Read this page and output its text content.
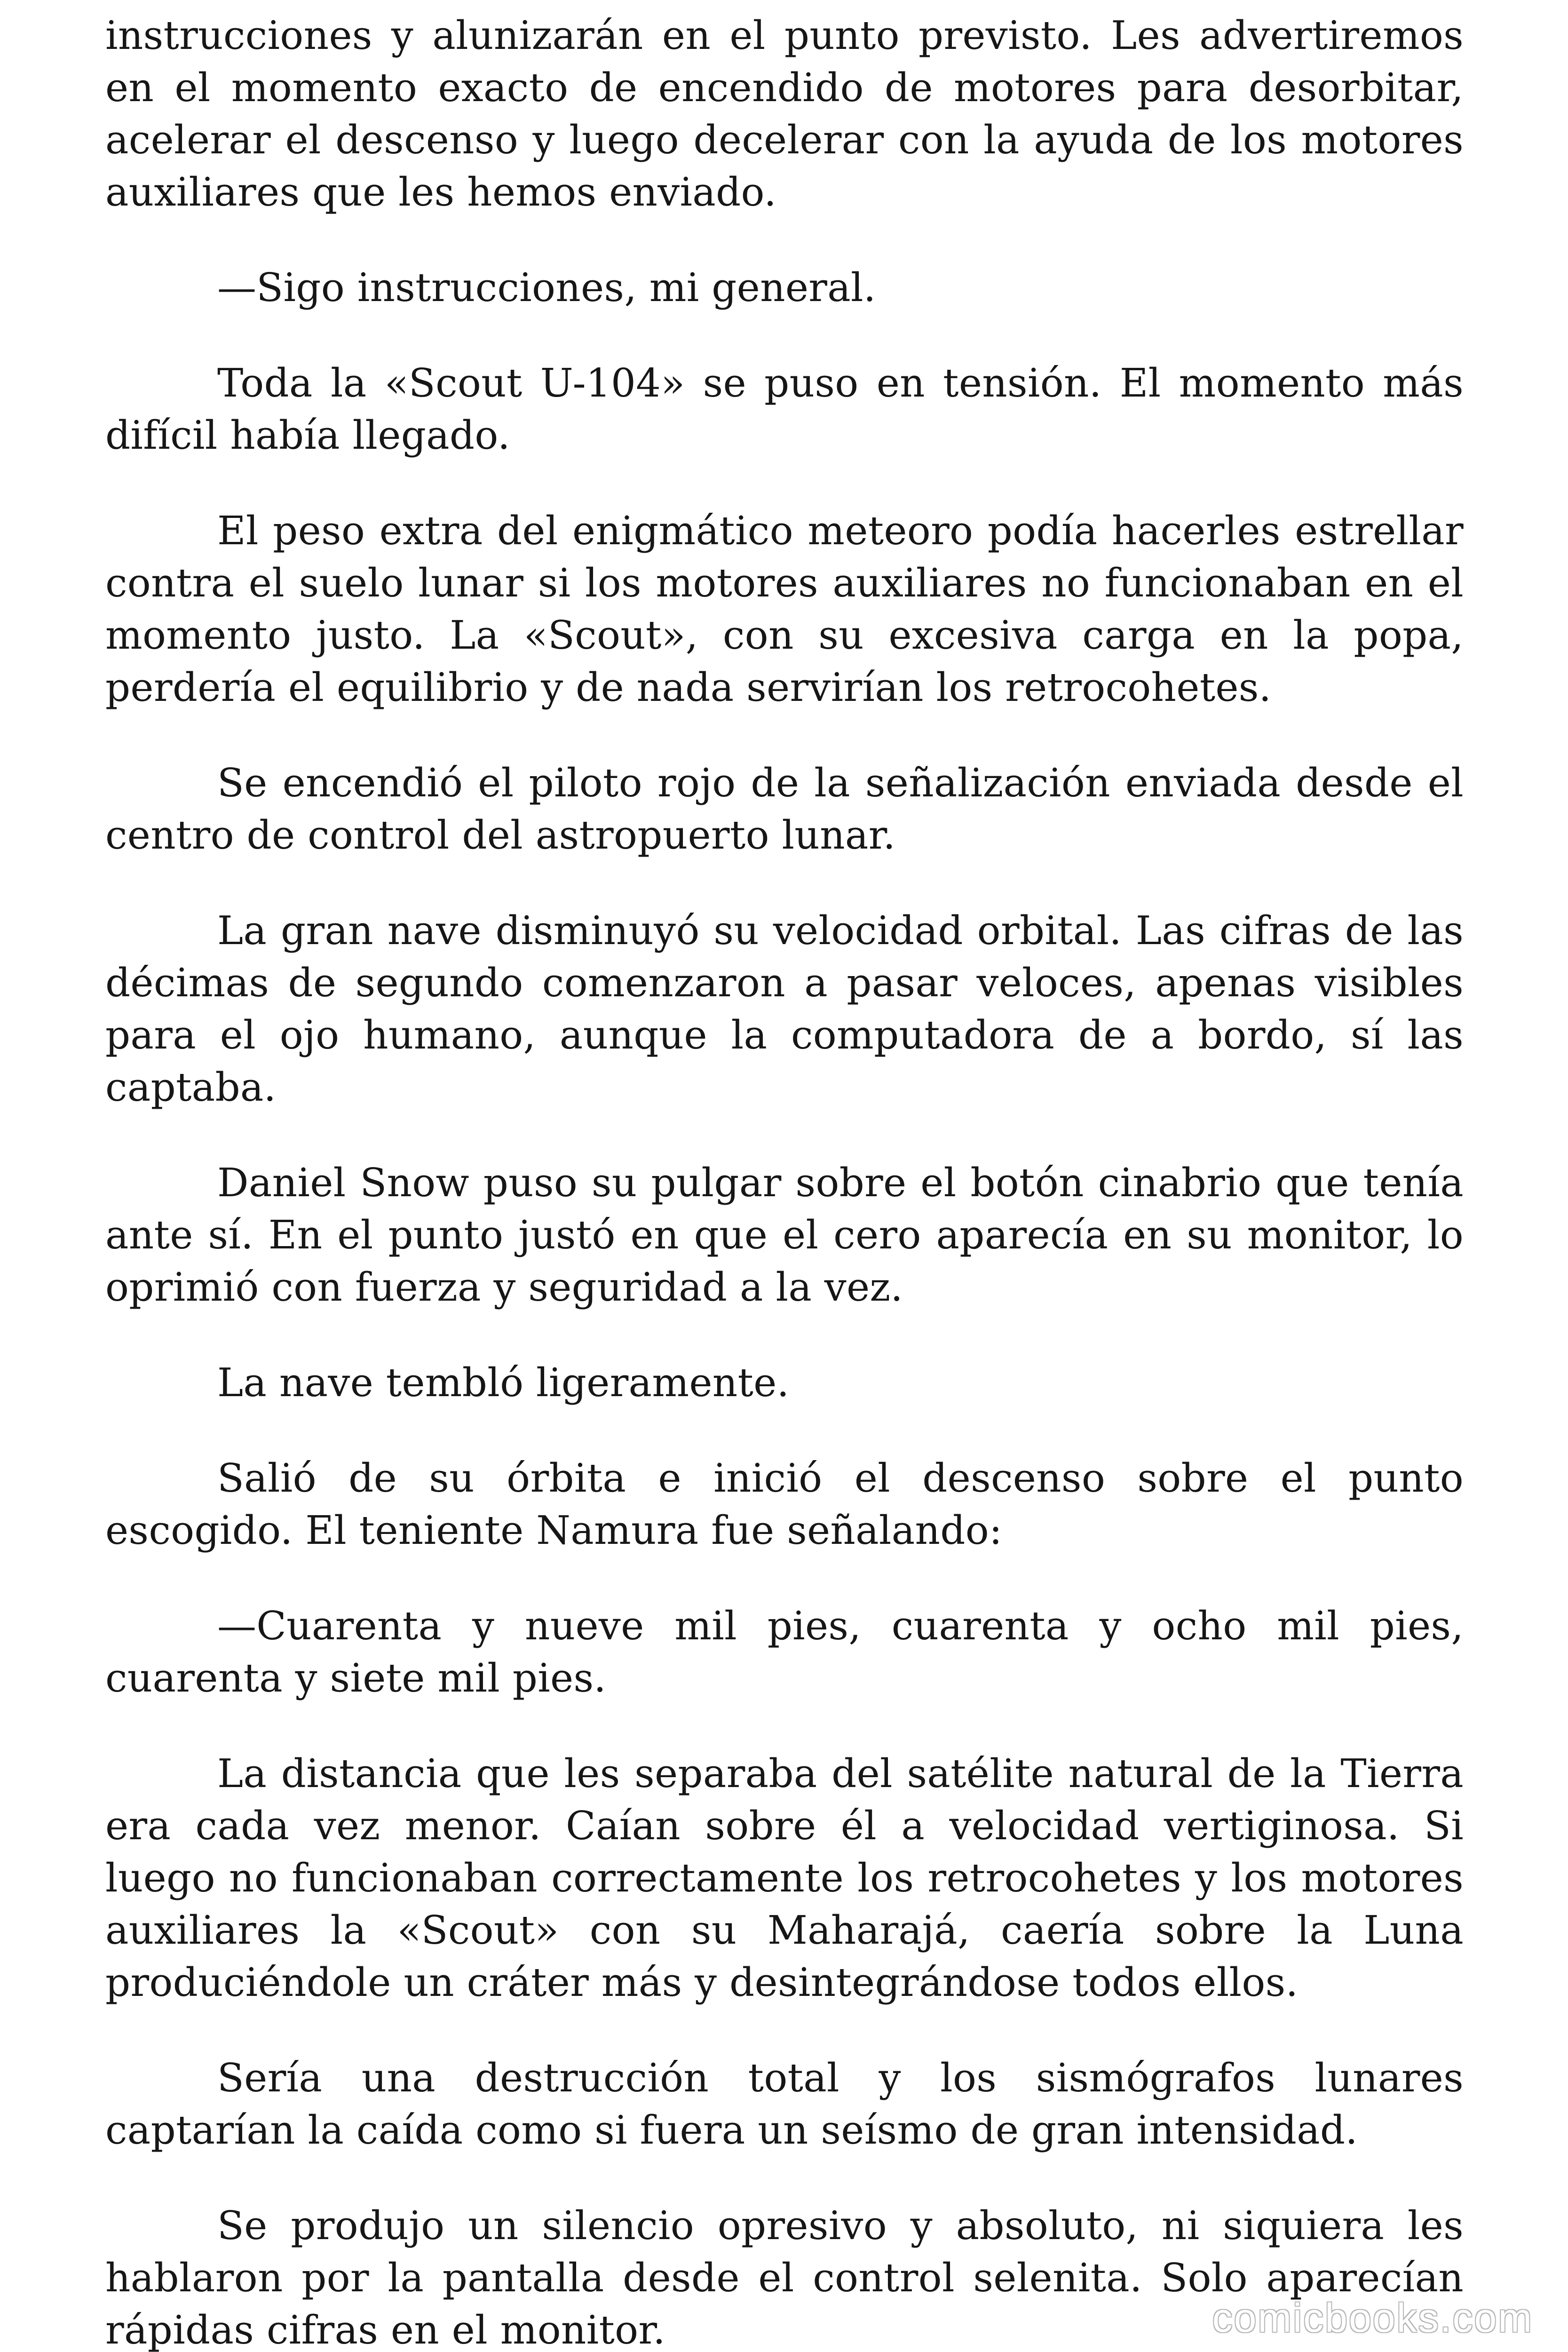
instrucciones y alunizarán en el punto previsto. Les advertiremos en el momento exacto de encendido de motores para desorbitar, acelerar el descenso y luego decelerar con la ayuda de los motores auxiliares que les hemos enviado.

—Sigo instrucciones, mi general.

Toda la «Scout U-104» se puso en tensión. El momento más difícil había llegado.

El peso extra del enigmático meteoro podía hacerles estrellar contra el suelo lunar si los motores auxiliares no funcionaban en el momento justo. La «Scout», con su excesiva carga en la popa, perdería el equilibrio y de nada servirían los retrocohetes.

Se encendió el piloto rojo de la señalización enviada desde el centro de control del astropuerto lunar.

La gran nave disminuyó su velocidad orbital. Las cifras de las décimas de segundo comenzaron a pasar veloces, apenas visibles para el ojo humano, aunque la computadora de a bordo, sí las captaba.

Daniel Snow puso su pulgar sobre el botón cinabrio que tenía ante sí. En el punto justó en que el cero aparecía en su monitor, lo oprimió con fuerza y seguridad a la vez.

La nave tembló ligeramente.

Salió de su órbita e inició el descenso sobre el punto escogido. El teniente Namura fue señalando:

—Cuarenta y nueve mil pies, cuarenta y ocho mil pies, cuarenta y siete mil pies.

La distancia que les separaba del satélite natural de la Tierra era cada vez menor. Caían sobre él a velocidad vertiginosa. Si luego no funcionaban correctamente los retrocohetes y los motores auxiliares la «Scout» con su Maharajá, caería sobre la Luna produciéndole un cráter más y desintegrándose todos ellos.

Sería una destrucción total y los sismógrafos lunares captarían la caída como si fuera un seísmo de gran intensidad.

Se produjo un silencio opresivo y absoluto, ni siquiera les hablaron por la pantalla desde el control selenita. Solo aparecían rápidas cifras en el monitor.	comicbooks.com
